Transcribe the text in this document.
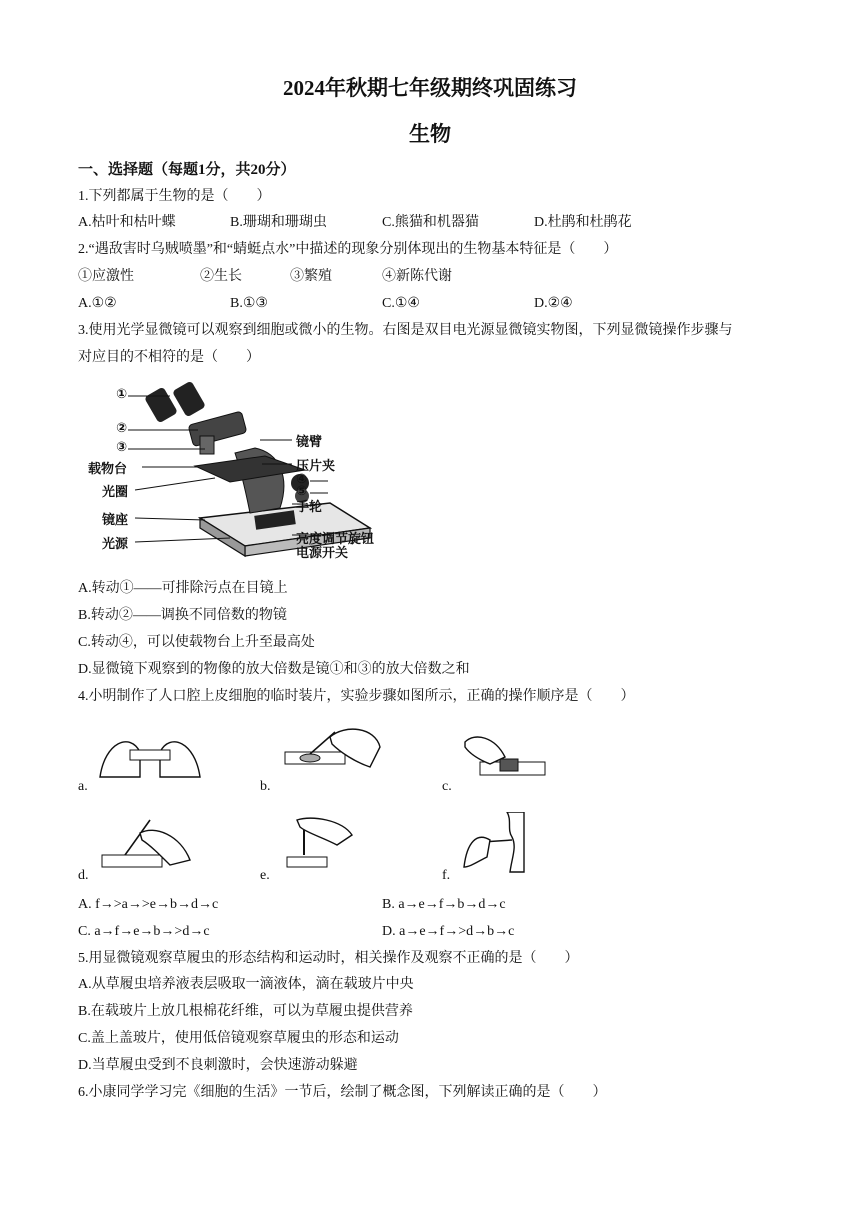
2024年秋期七年级期终巩固练习
生物
一、选择题（每题1分，共20分）
1.下列都属于生物的是（　　）
A.枯叶和枯叶蝶	B.珊瑚和珊瑚虫	C.熊猫和机器猫	D.杜鹃和杜鹃花
2.“遇敌害时乌贼喷墨”和“蜻蜓点水”中描述的现象分别体现出的生物基本特征是（　　）
①应激性	②生长	③繁殖	④新陈代谢
A.①②	B.①③	C.①④	D.②④
3.使用光学显微镜可以观察到细胞或微小的生物。右图是双目电光源显微镜实物图，下列显微镜操作步骤与
对应目的不相符的是（　　）
①
②
③
载物台
光圈
镜座
光源
镜臂
压片夹
④
⑤
手轮
亮度调节旋钮
电源开关
A.转动①——可排除污点在目镜上
B.转动②——调换不同倍数的物镜
C.转动④，可以使载物台上升至最高处
D.显微镜下观察到的物像的放大倍数是镜①和③的放大倍数之和
4.小明制作了人口腔上皮细胞的临时装片，实验步骤如图所示，正确的操作顺序是（　　）
a.	b.	c.
d.	e.	f.
A. f→>a→>e→b→d→c	B. a→e→f→b→d→c
C. a→f→e→b→>d→c	D. a→e→f→>d→b→c
5.用显微镜观察草履虫的形态结构和运动时，相关操作及观察不正确的是（　　）
A.从草履虫培养液表层吸取一滴液体，滴在载玻片中央
B.在载玻片上放几根棉花纤维，可以为草履虫提供营养
C.盖上盖玻片，使用低倍镜观察草履虫的形态和运动
D.当草履虫受到不良刺激时，会快速游动躲避
6.小康同学学习完《细胞的生活》一节后，绘制了概念图，下列解读正确的是（　　）
